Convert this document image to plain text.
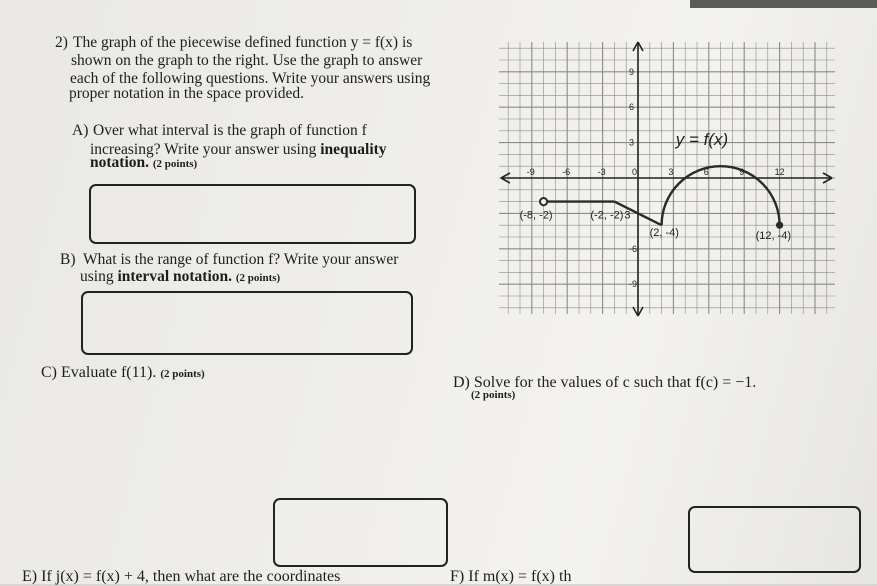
2) The graph of the piecewise defined function y = f(x) is
shown on the graph to the right. Use the graph to answer
each of the following questions. Write your answers using
proper notation in the space provided.
A) Over what interval is the graph of function f
increasing? Write your answer using inequality
notation. (2 points)
B) What is the range of function f? Write your answer
using interval notation. (2 points)
C) Evaluate f(11). (2 points)	D) Solve for the values of c such that f(c) = −1.
(2 points)
E) If j(x) = f(x) + 4, then what are the coordinates	F) If m(x) = f(x) th
-9	-6	-3	0	3	6	9	12
9
6
3
-6
-9
(-8, -2)	(-2, -2) 3
(2, -4)	(12, -4)
y = f(x)
